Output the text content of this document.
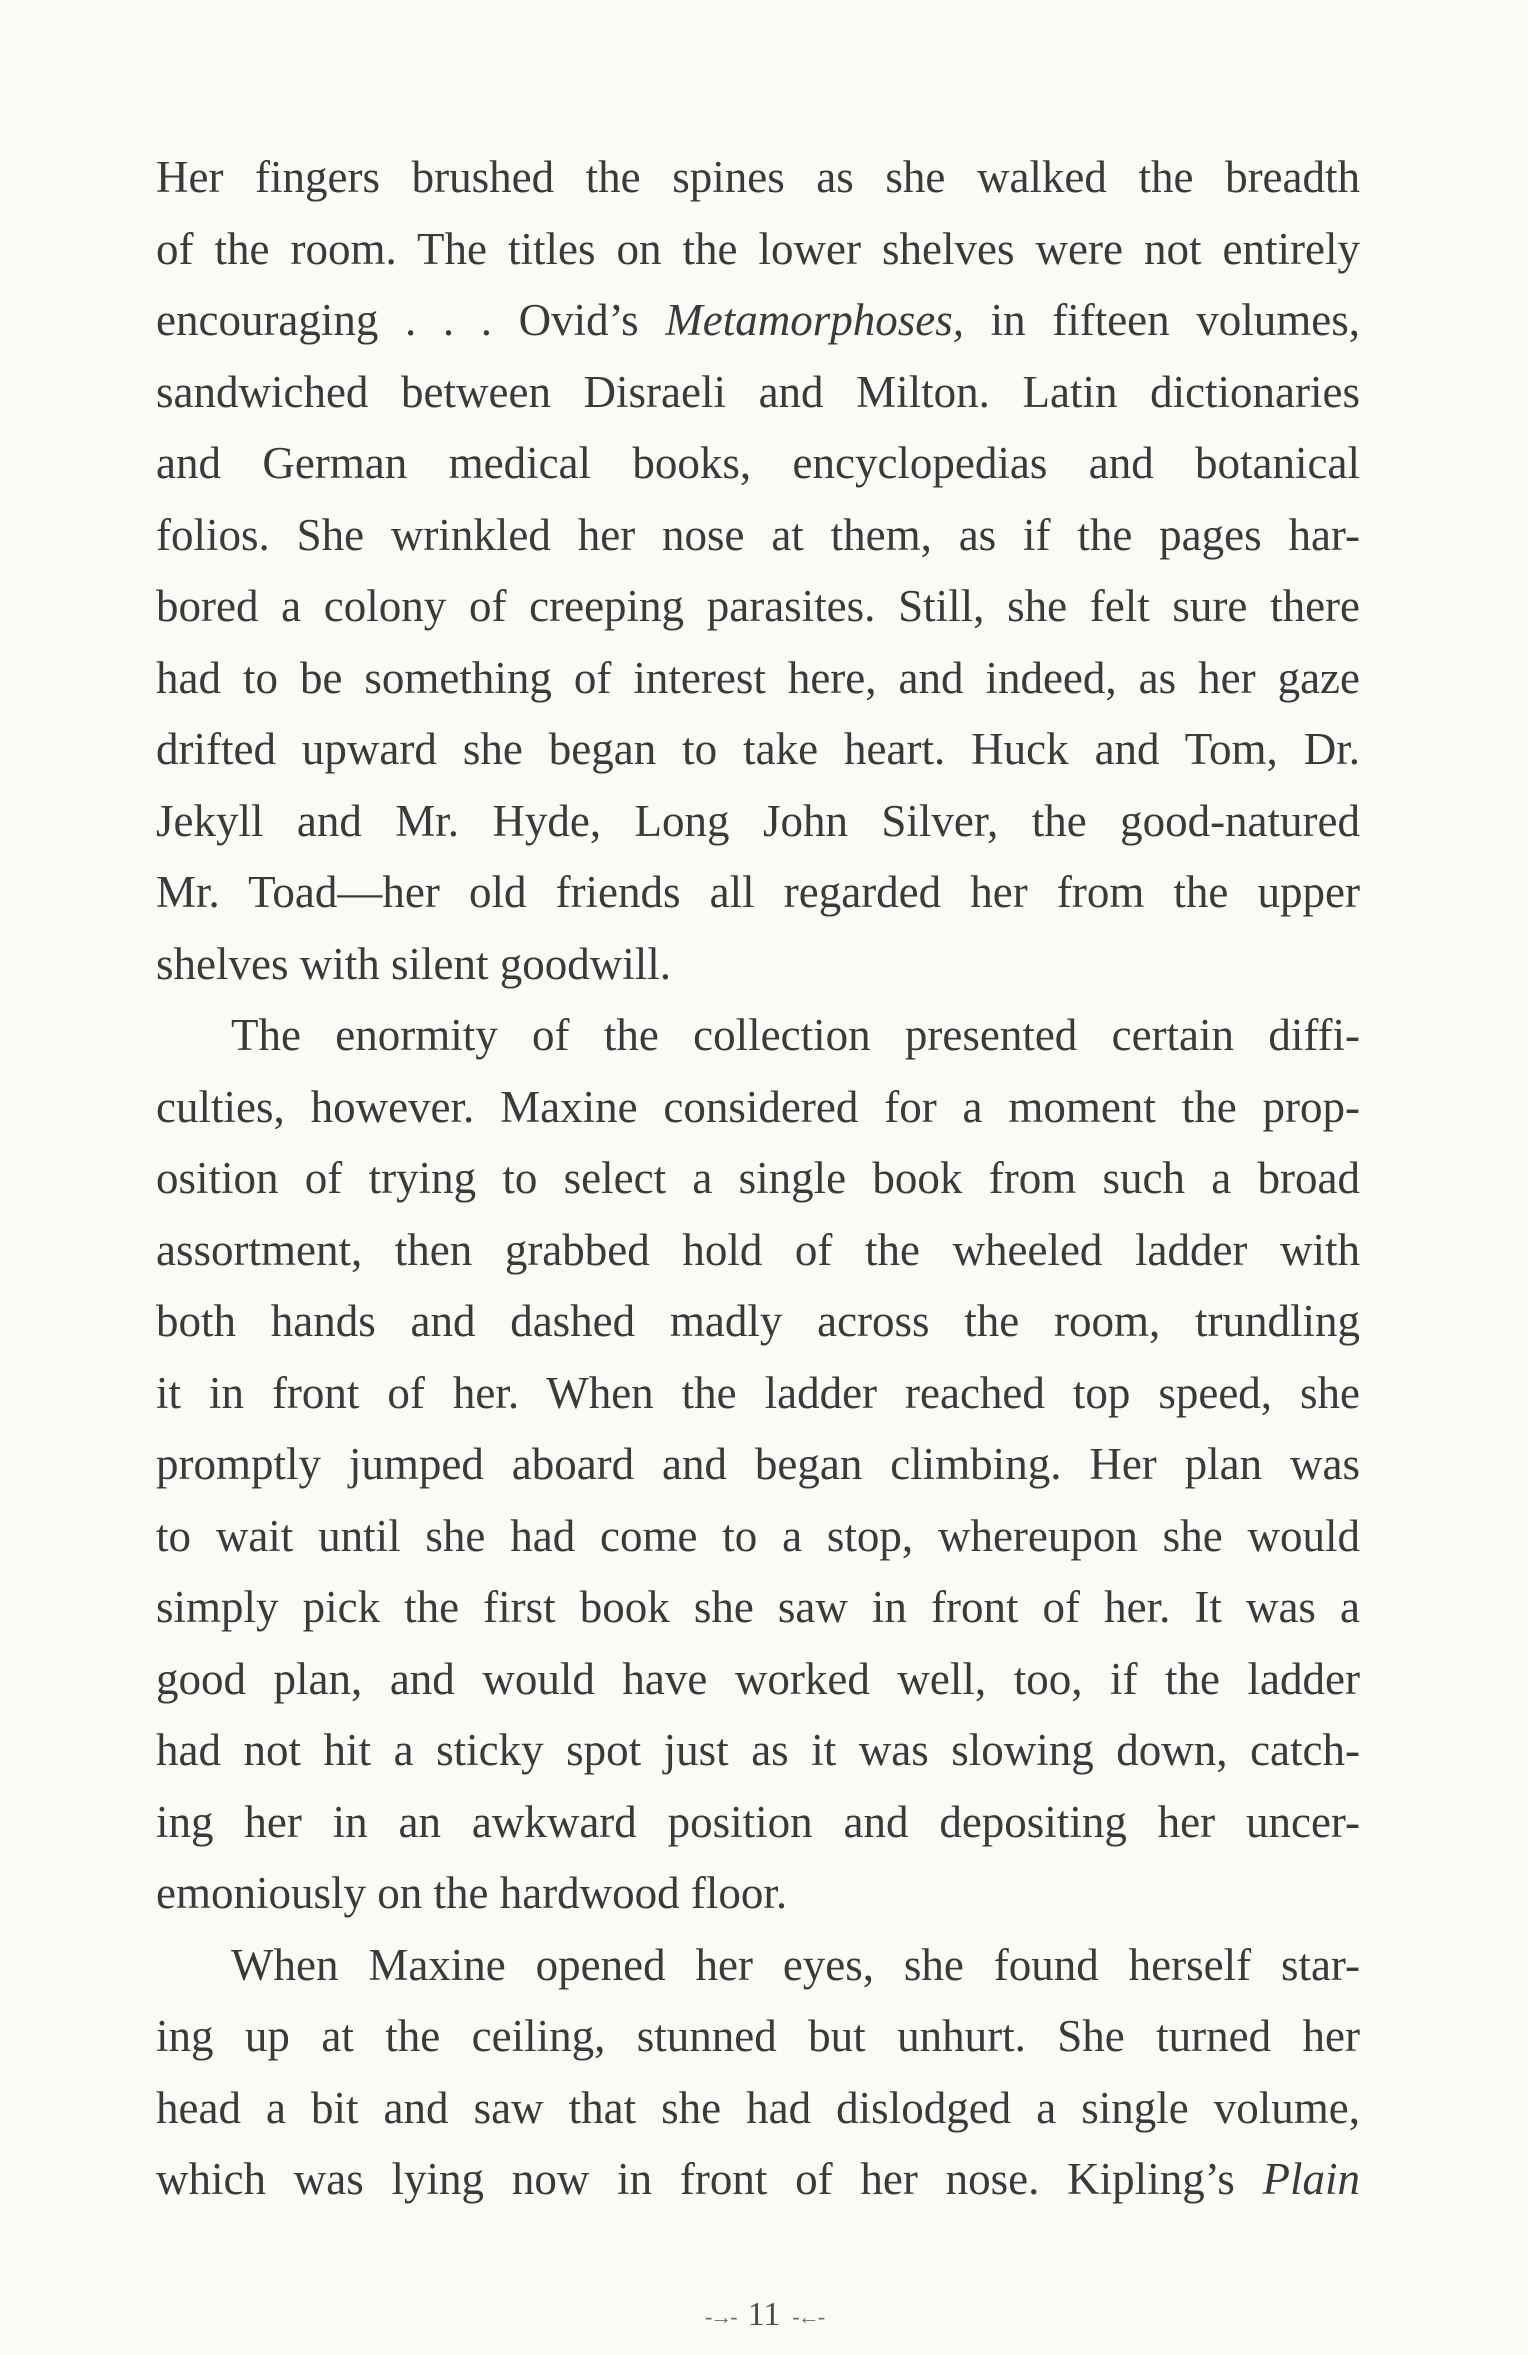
Her fingers brushed the spines as she walked the breadth
of the room. The titles on the lower shelves were not entirely
encouraging . . . Ovid’s Metamorphoses, in fifteen volumes,
sandwiched between Disraeli and Milton. Latin dictionaries
and German medical books, encyclopedias and botanical
folios. She wrinkled her nose at them, as if the pages har-
bored a colony of creeping parasites. Still, she felt sure there
had to be something of interest here, and indeed, as her gaze
drifted upward she began to take heart. Huck and Tom, Dr.
Jekyll and Mr. Hyde, Long John Silver, the good-natured
Mr. Toad—her old friends all regarded her from the upper
shelves with silent goodwill.
The enormity of the collection presented certain diffi-
culties, however. Maxine considered for a moment the prop-
osition of trying to select a single book from such a broad
assortment, then grabbed hold of the wheeled ladder with
both hands and dashed madly across the room, trundling
it in front of her. When the ladder reached top speed, she
promptly jumped aboard and began climbing. Her plan was
to wait until she had come to a stop, whereupon she would
simply pick the first book she saw in front of her. It was a
good plan, and would have worked well, too, if the ladder
had not hit a sticky spot just as it was slowing down, catch-
ing her in an awkward position and depositing her uncer-
emoniously on the hardwood floor.
When Maxine opened her eyes, she found herself star-
ing up at the ceiling, stunned but unhurt. She turned her
head a bit and saw that she had dislodged a single volume,
which was lying now in front of her nose. Kipling’s Plain
-→- 11 -←-
